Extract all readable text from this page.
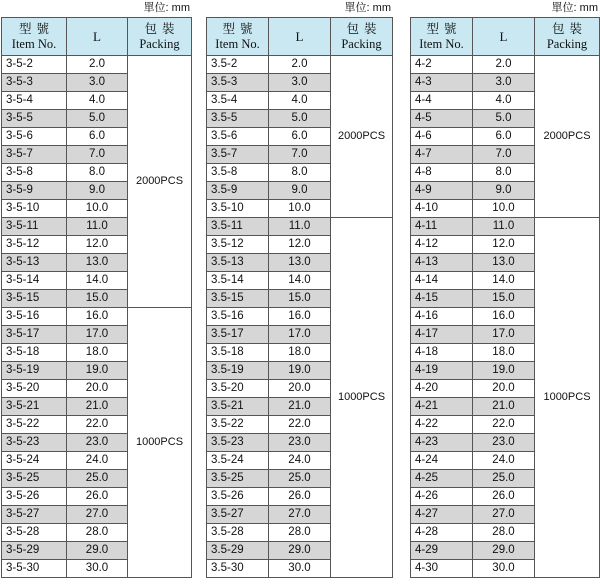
單位: mm
型號
Item No.	L	包裝
Packing
3-5-2	2.0	2000PCS
3-5-3	3.0	
3-5-4	4.0	
3-5-5	5.0	
3-5-6	6.0	
3-5-7	7.0	
3-5-8	8.0	
3-5-9	9.0	
3-5-10	10.0	
3-5-11	11.0	
3-5-12	12.0	
3-5-13	13.0	
3-5-14	14.0	
3-5-15	15.0	
3-5-16	16.0	1000PCS
3-5-17	17.0	
3-5-18	18.0	
3-5-19	19.0	
3-5-20	20.0	
3-5-21	21.0	
3-5-22	22.0	
3-5-23	23.0	
3-5-24	24.0	
3-5-25	25.0	
3-5-26	26.0	
3-5-27	27.0	
3-5-28	28.0	
3-5-29	29.0	
3-5-30	30.0	
單位: mm
型號
Item No.	L	包裝
Packing
3.5-2	2.0	2000PCS
3.5-3	3.0	
3.5-4	4.0	
3.5-5	5.0	
3.5-6	6.0	
3.5-7	7.0	
3.5-8	8.0	
3.5-9	9.0	
3.5-10	10.0	
3.5-11	11.0	1000PCS
3.5-12	12.0	
3.5-13	13.0	
3.5-14	14.0	
3.5-15	15.0	
3.5-16	16.0	
3.5-17	17.0	
3.5-18	18.0	
3.5-19	19.0	
3.5-20	20.0	
3.5-21	21.0	
3.5-22	22.0	
3.5-23	23.0	
3.5-24	24.0	
3.5-25	25.0	
3.5-26	26.0	
3.5-27	27.0	
3.5-28	28.0	
3.5-29	29.0	
3.5-30	30.0	
單位: mm
型號
Item No.	L	包裝
Packing
4-2	2.0	2000PCS
4-3	3.0	
4-4	4.0	
4-5	5.0	
4-6	6.0	
4-7	7.0	
4-8	8.0	
4-9	9.0	
4-10	10.0	
4-11	11.0	1000PCS
4-12	12.0	
4-13	13.0	
4-14	14.0	
4-15	15.0	
4-16	16.0	
4-17	17.0	
4-18	18.0	
4-19	19.0	
4-20	20.0	
4-21	21.0	
4-22	22.0	
4-23	23.0	
4-24	24.0	
4-25	25.0	
4-26	26.0	
4-27	27.0	
4-28	28.0	
4-29	29.0	
4-30	30.0	
